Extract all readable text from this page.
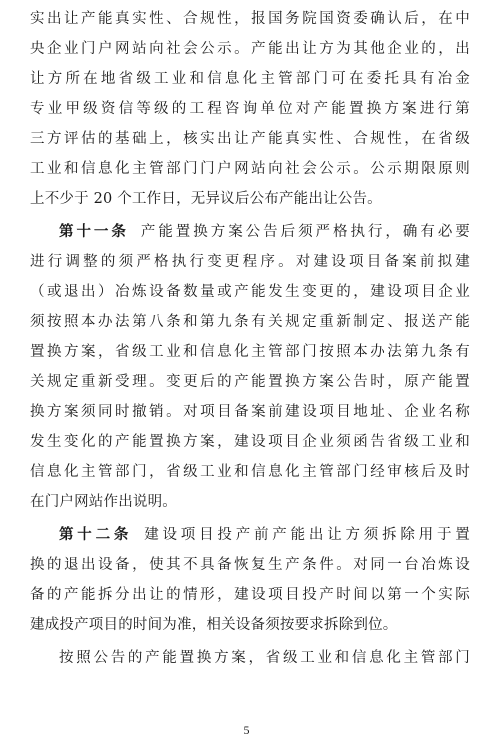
实出让产能真实性、合规性，报国务院国资委确认后，在中
央企业门户网站向社会公示。产能出让方为其他企业的，出
让方所在地省级工业和信息化主管部门可在委托具有冶金
专业甲级资信等级的工程咨询单位对产能置换方案进行第
三方评估的基础上，核实出让产能真实性、合规性，在省级
工业和信息化主管部门门户网站向社会公示。公示期限原则
上不少于 20 个工作日，无异议后公布产能出让公告。
第十一条 产能置换方案公告后须严格执行，确有必要
进行调整的须严格执行变更程序。对建设项目备案前拟建
（或退出）冶炼设备数量或产能发生变更的，建设项目企业
须按照本办法第八条和第九条有关规定重新制定、报送产能
置换方案，省级工业和信息化主管部门按照本办法第九条有
关规定重新受理。变更后的产能置换方案公告时，原产能置
换方案须同时撤销。对项目备案前建设项目地址、企业名称
发生变化的产能置换方案，建设项目企业须函告省级工业和
信息化主管部门，省级工业和信息化主管部门经审核后及时
在门户网站作出说明。
第十二条 建设项目投产前产能出让方须拆除用于置
换的退出设备，使其不具备恢复生产条件。对同一台冶炼设
备的产能拆分出让的情形，建设项目投产时间以第一个实际
建成投产项目的时间为准，相关设备须按要求拆除到位。
按照公告的产能置换方案，省级工业和信息化主管部门
5
